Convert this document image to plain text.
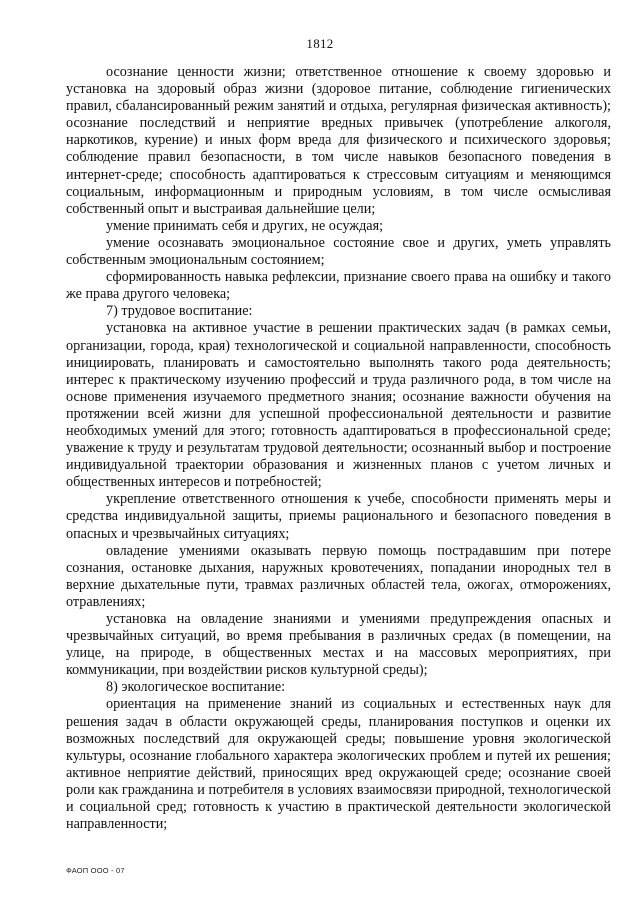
1812

осознание ценности жизни; ответственное отношение к своему здоровью и установка на здоровый образ жизни (здоровое питание, соблюдение гигиенических правил, сбалансированный режим занятий и отдыха, регулярная физическая активность); осознание последствий и неприятие вредных привычек (употребление алкоголя, наркотиков, курение) и иных форм вреда для физического и психического здоровья; соблюдение правил безопасности, в том числе навыков безопасного поведения в интернет-среде; способность адаптироваться к стрессовым ситуациям и меняющимся социальным, информационным и природным условиям, в том числе осмысливая собственный опыт и выстраивая дальнейшие цели;

умение принимать себя и других, не осуждая;

умение осознавать эмоциональное состояние свое и других, уметь управлять собственным эмоциональным состоянием;

сформированность навыка рефлексии, признание своего права на ошибку и такого же права другого человека;

7) трудовое воспитание:

установка на активное участие в решении практических задач (в рамках семьи, организации, города, края) технологической и социальной направленности, способность инициировать, планировать и самостоятельно выполнять такого рода деятельность; интерес к практическому изучению профессий и труда различного рода, в том числе на основе применения изучаемого предметного знания; осознание важности обучения на протяжении всей жизни для успешной профессиональной деятельности и развитие необходимых умений для этого; готовность адаптироваться в профессиональной среде; уважение к труду и результатам трудовой деятельности; осознанный выбор и построение индивидуальной траектории образования и жизненных планов с учетом личных и общественных интересов и потребностей;

укрепление ответственного отношения к учебе, способности применять меры и средства индивидуальной защиты, приемы рационального и безопасного поведения в опасных и чрезвычайных ситуациях;

овладение умениями оказывать первую помощь пострадавшим при потере сознания, остановке дыхания, наружных кровотечениях, попадании инородных тел в верхние дыхательные пути, травмах различных областей тела, ожогах, отморожениях, отравлениях;

установка на овладение знаниями и умениями предупреждения опасных и чрезвычайных ситуаций, во время пребывания в различных средах (в помещении, на улице, на природе, в общественных местах и на массовых мероприятиях, при коммуникации, при воздействии рисков культурной среды);

8) экологическое воспитание:

ориентация на применение знаний из социальных и естественных наук для решения задач в области окружающей среды, планирования поступков и оценки их возможных последствий для окружающей среды; повышение уровня экологической культуры, осознание глобального характера экологических проблем и путей их решения; активное неприятие действий, приносящих вред окружающей среде; осознание своей роли как гражданина и потребителя в условиях взаимосвязи природной, технологической и социальной сред; готовность к участию в практической деятельности экологической направленности;

ФАОП ООО - 07
